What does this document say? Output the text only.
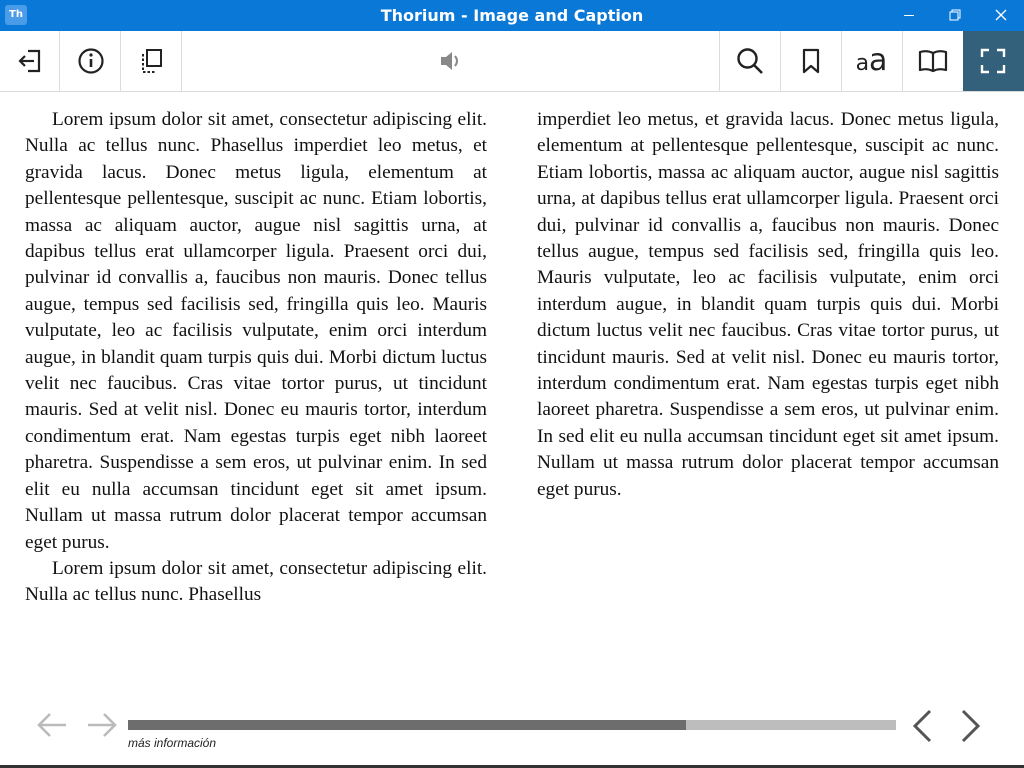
Th	Thorium - Image and Caption
aa

Lorem ipsum dolor sit amet, consectetur adipiscing elit. Nulla ac tellus nunc. Phasellus imperdiet leo metus, et gravida lacus. Donec metus ligula, elementum at pellentesque pellentesque, suscipit ac nunc. Etiam lobortis, massa ac aliquam auctor, augue nisl sagittis urna, at dapibus tellus erat ullamcorper ligula. Praesent orci dui, pulvinar id convallis a, faucibus non mauris. Donec tellus augue, tempus sed facilisis sed, fringilla quis leo. Mauris vulputate, leo ac facilisis vulputate, enim orci interdum augue, in blandit quam turpis quis dui. Morbi dictum luctus velit nec faucibus. Cras vitae tortor purus, ut tincidunt mauris. Sed at velit nisl. Donec eu mauris tortor, interdum condimentum erat. Nam egestas turpis eget nibh laoreet pharetra. Suspendisse a sem eros, ut pulvinar enim. In sed elit eu nulla accumsan tincidunt eget sit amet ipsum. Nullam ut massa rutrum dolor placerat tempor accumsan eget purus.

Lorem ipsum dolor sit amet, consectetur adipiscing elit. Nulla ac tellus nunc. Phasellus

imperdiet leo metus, et gravida lacus. Donec metus ligula, elementum at pellentesque pellentesque, suscipit ac nunc. Etiam lobortis, massa ac aliquam auctor, augue nisl sagittis urna, at dapibus tellus erat ullamcorper ligula. Praesent orci dui, pulvinar id convallis a, faucibus non mauris. Donec tellus augue, tempus sed facilisis sed, fringilla quis leo. Mauris vulputate, leo ac facilisis vulputate, enim orci interdum augue, in blandit quam turpis quis dui. Morbi dictum luctus velit nec faucibus. Cras vitae tortor purus, ut tincidunt mauris. Sed at velit nisl. Donec eu mauris tortor, interdum condimentum erat. Nam egestas turpis eget nibh laoreet pharetra. Suspendisse a sem eros, ut pulvinar enim. In sed elit eu nulla accumsan tincidunt eget sit amet ipsum. Nullam ut massa rutrum dolor placerat tempor accumsan eget purus.

más información
